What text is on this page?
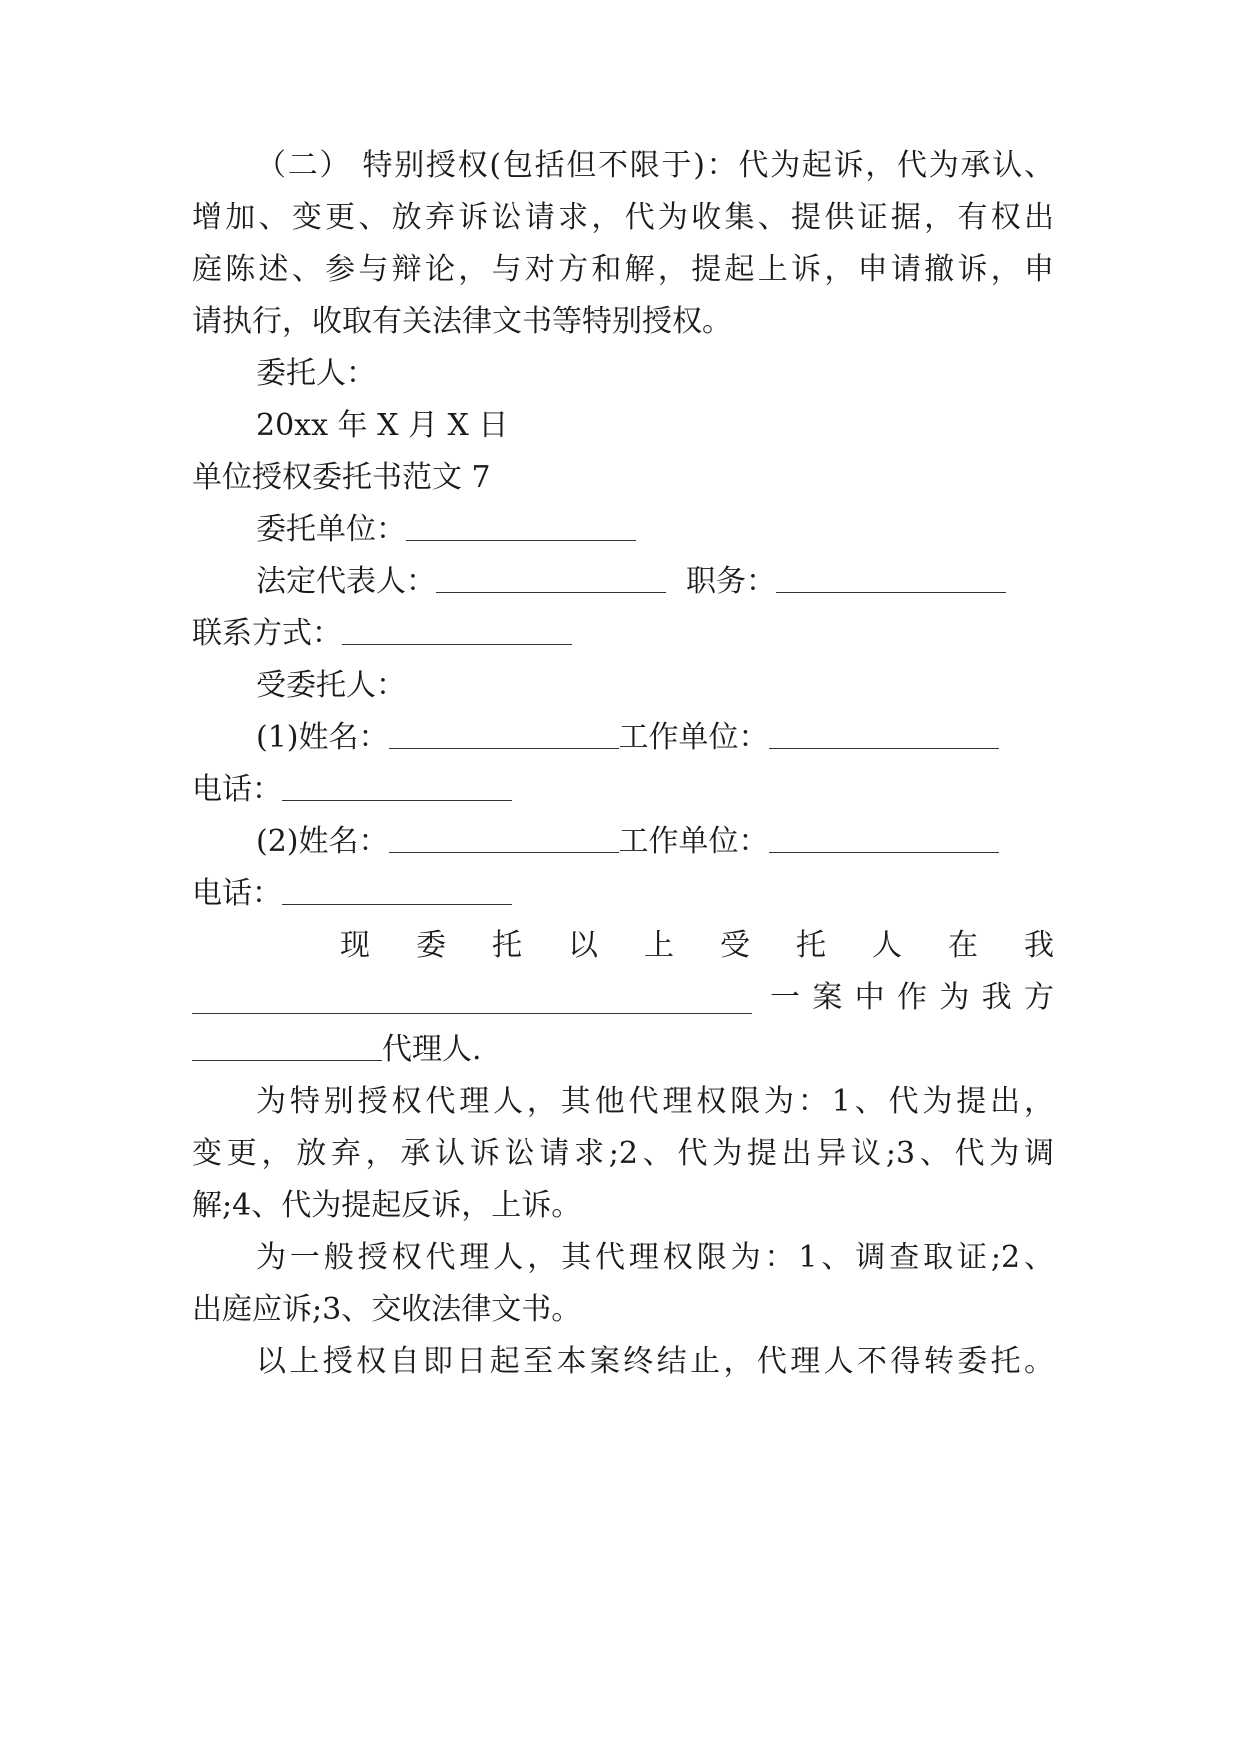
（二） 特别授权(包括但不限于)：代为起诉，代为承认、
增加、变更、放弃诉讼请求，代为收集、提供证据，有权出
庭陈述、参与辩论，与对方和解，提起上诉，申请撤诉，申
请执行，收取有关法律文书等特别授权。
委托人：
20xx 年 X 月 X 日
单位授权委托书范文 7
委托单位：
法定代表人：	职务：
联系方式：
受委托人：
(1)姓名：	工作单位：
电话：
(2)姓名：	工作单位：
电话：
现 委 托 以 上 受 托 人 在 我
一 案 中 作 为 我 方
代理人.
为特别授权代理人，其他代理权限为：1、代为提出，
变更，放弃，承认诉讼请求;2、代为提出异议;3、代为调
解;4、代为提起反诉，上诉。
为一般授权代理人，其代理权限为：1、调查取证;2、
出庭应诉;3、交收法律文书。
以上授权自即日起至本案终结止，代理人不得转委托。
